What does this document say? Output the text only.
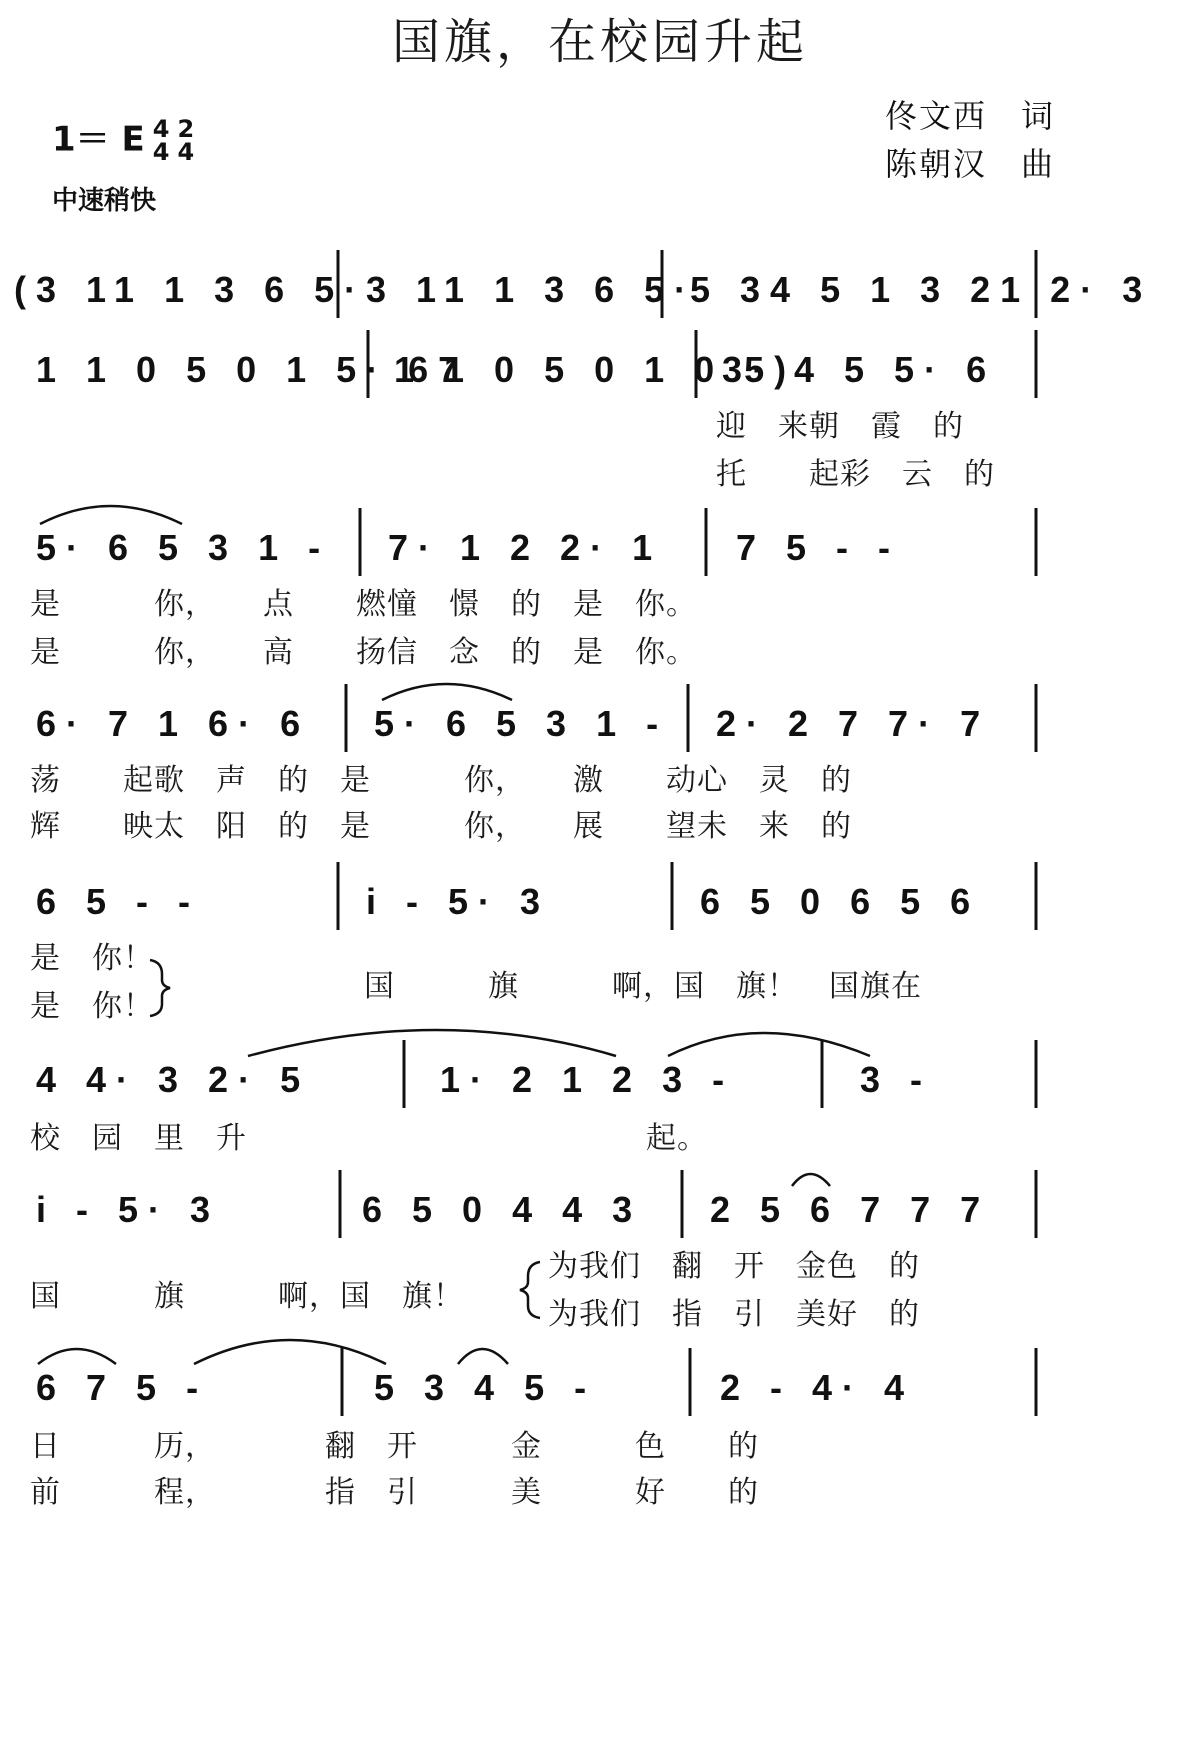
国旗，在校园升起
1＝ E 4
4
2
4
佟文西　词
陈朝汉　曲
中速稍快
(3 11 1 3 6 5· 3 11 1 3 6 5·
5 34 5 1 3 21 2· 3
1 1 0 5 0 1 5· 67
1 1 0 5 0 1 0 5)
3· 4 5 5· 6
迎　来朝　霞　的
托　　起彩　云　的
5· 6 5 3 1 - 7· 1 2 2· 1 7 5 - -
是　　　你，　　点　　燃憧　憬　的　是　你。
是　　　你，　　高　　扬信　念　的　是　你。
6· 7 1 6· 6 5· 6 5 3 1 - 2· 2 7 7· 7
荡　　起歌　声　的　是　　　你，　　激　　动心　灵　的
辉　　映太　阳　的　是　　　你，　　展　　望未　来　的
6 5 - -	i - 5· 3	6 5 0 6 5 6
是　你！
是　你！
国　　　旗　　　啊，国　旗！　国旗在
4 4· 3 2· 5	1· 2 1 2 3 -	3 -
校　园　里　升	起。
i - 5· 3	6 5 0 4 4 3 2 5 6 7 7 7
国　　　旗　　　啊，国　旗！
为我们　翻　开　金色　的
为我们　指　引　美好　的
6 7 5 -	5 3 4 5 -	2 - 4· 4
日　　　历，　　　　翻　开　　　金　　　色　　的
前　　　程，　　　　指　引　　　美　　　好　　的
